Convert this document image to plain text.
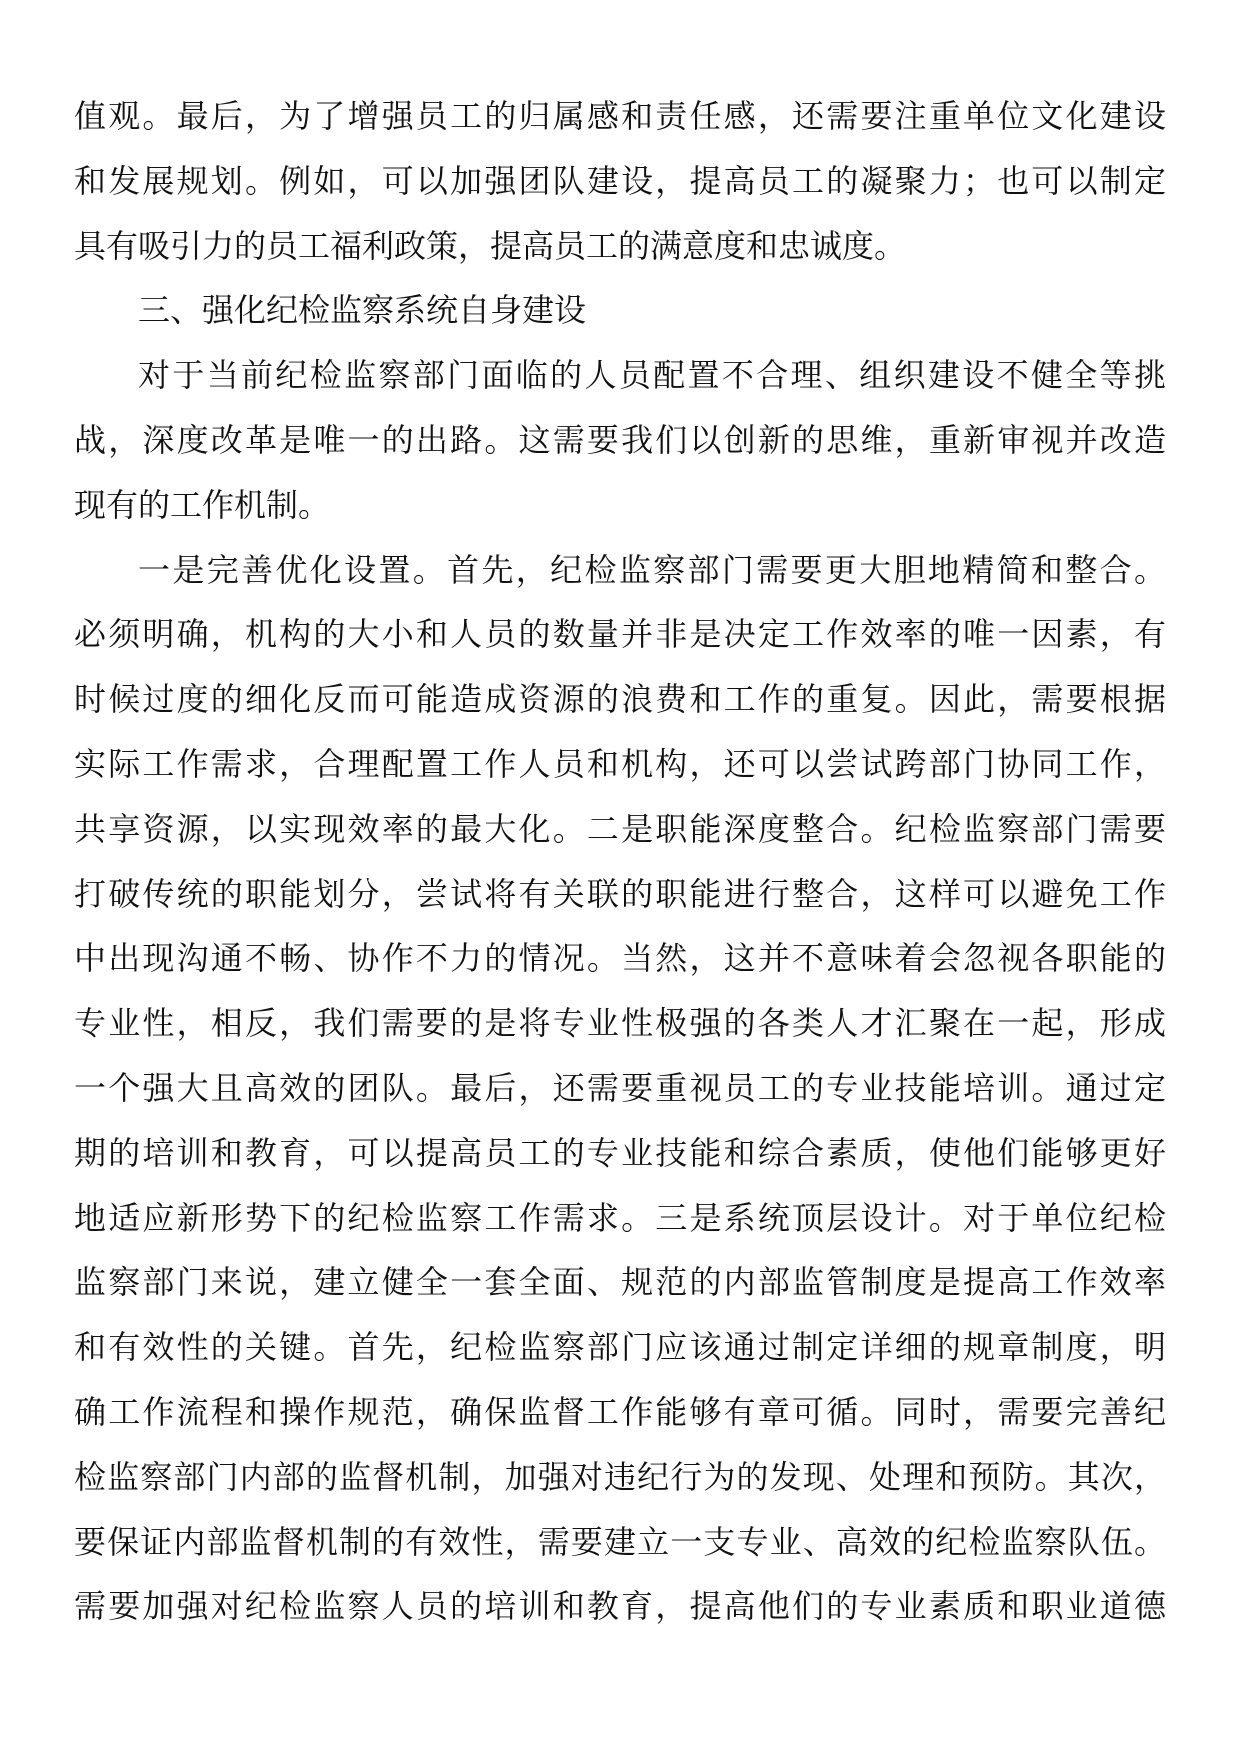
值观。最后，为了增强员工的归属感和责任感，还需要注重单位文化建设
和发展规划。例如，可以加强团队建设，提高员工的凝聚力；也可以制定
具有吸引力的员工福利政策，提高员工的满意度和忠诚度。
三、强化纪检监察系统自身建设
对于当前纪检监察部门面临的人员配置不合理、组织建设不健全等挑
战，深度改革是唯一的出路。这需要我们以创新的思维，重新审视并改造
现有的工作机制。
一是完善优化设置。首先，纪检监察部门需要更大胆地精简和整合。
必须明确，机构的大小和人员的数量并非是决定工作效率的唯一因素，有
时候过度的细化反而可能造成资源的浪费和工作的重复。因此，需要根据
实际工作需求，合理配置工作人员和机构，还可以尝试跨部门协同工作，
共享资源，以实现效率的最大化。二是职能深度整合。纪检监察部门需要
打破传统的职能划分，尝试将有关联的职能进行整合，这样可以避免工作
中出现沟通不畅、协作不力的情况。当然，这并不意味着会忽视各职能的
专业性，相反，我们需要的是将专业性极强的各类人才汇聚在一起，形成
一个强大且高效的团队。最后，还需要重视员工的专业技能培训。通过定
期的培训和教育，可以提高员工的专业技能和综合素质，使他们能够更好
地适应新形势下的纪检监察工作需求。三是系统顶层设计。对于单位纪检
监察部门来说，建立健全一套全面、规范的内部监管制度是提高工作效率
和有效性的关键。首先，纪检监察部门应该通过制定详细的规章制度，明
确工作流程和操作规范，确保监督工作能够有章可循。同时，需要完善纪
检监察部门内部的监督机制，加强对违纪行为的发现、处理和预防。其次，
要保证内部监督机制的有效性，需要建立一支专业、高效的纪检监察队伍。
需要加强对纪检监察人员的培训和教育，提高他们的专业素质和职业道德
